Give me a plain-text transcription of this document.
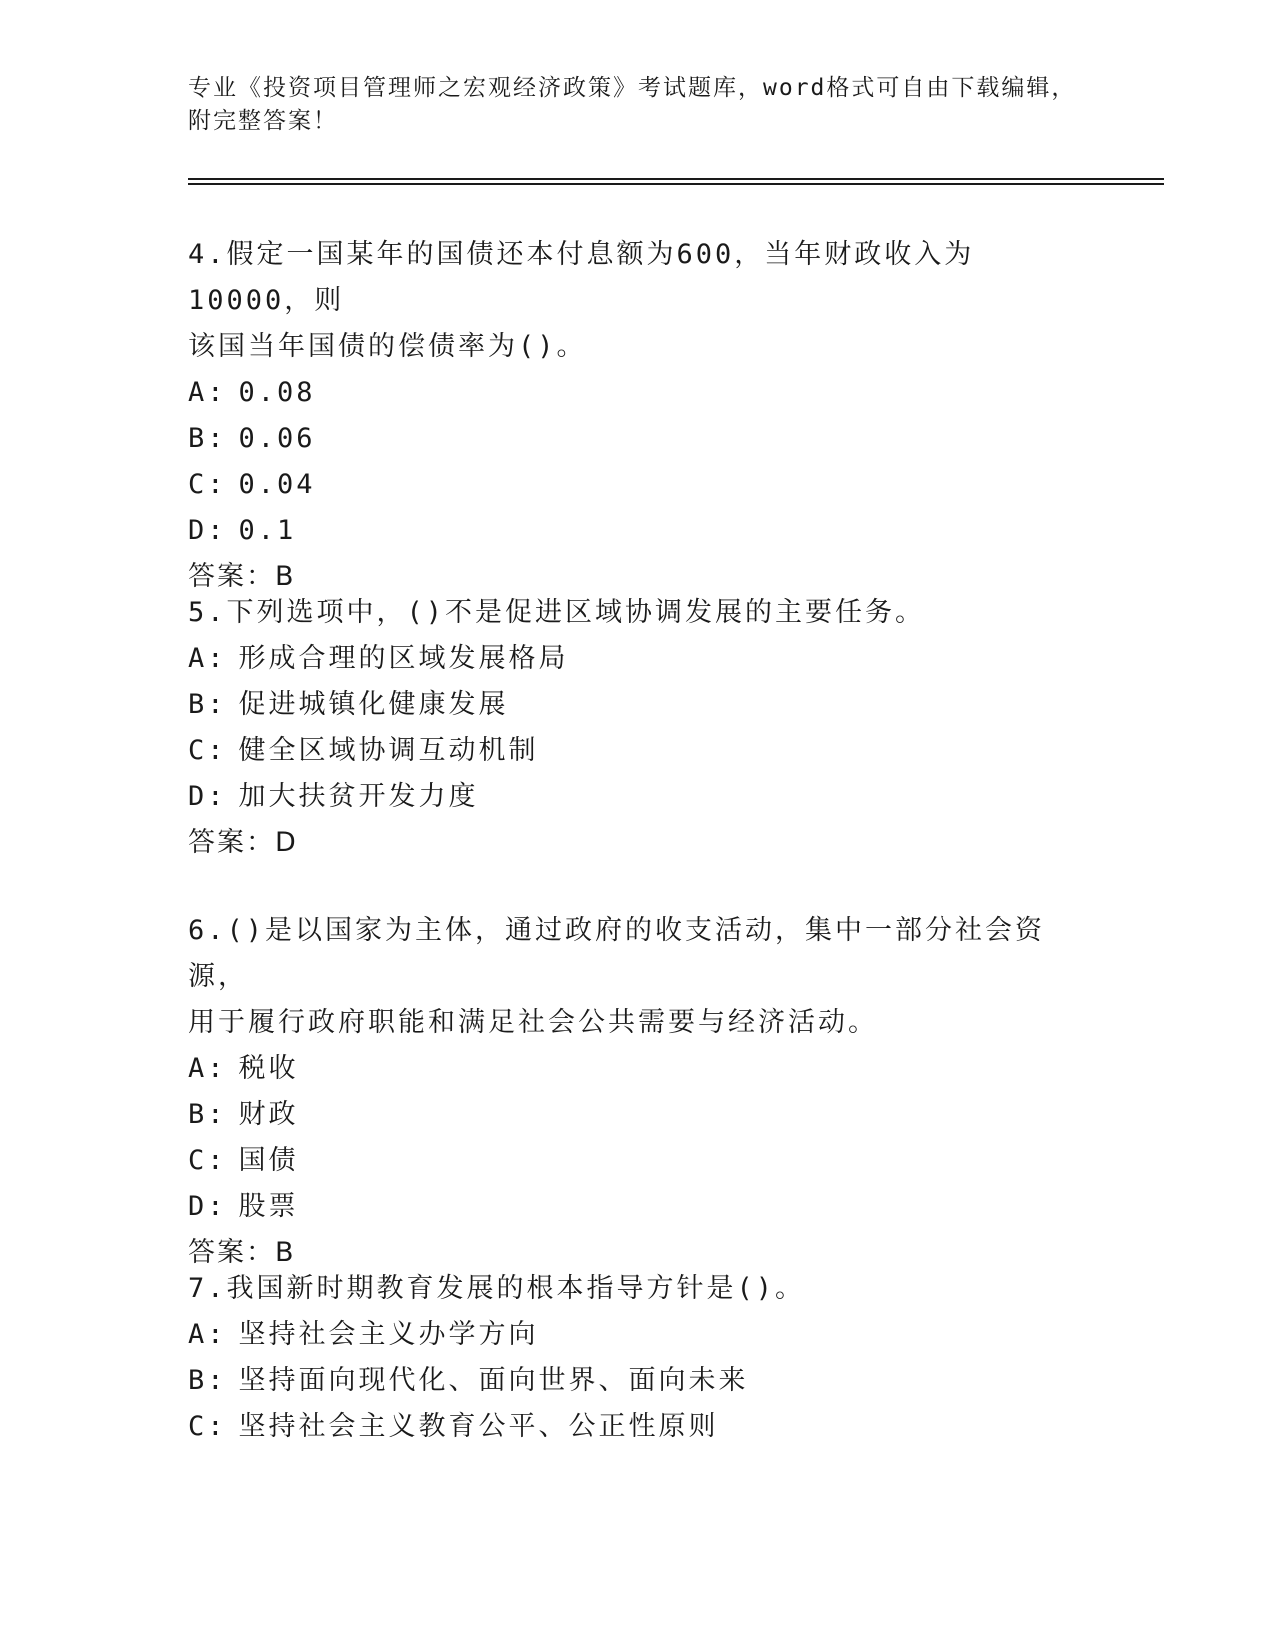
专业《投资项目管理师之宏观经济政策》考试题库，word格式可自由下载编辑，
附完整答案！

4.假定一国某年的国债还本付息额为600，当年财政收入为10000，则

该国当年国债的偿债率为()。

A: 0.08

B: 0.06

C: 0.04

D: 0.1

答案：B

5.下列选项中，()不是促进区域协调发展的主要任务。

A: 形成合理的区域发展格局

B: 促进城镇化健康发展

C: 健全区域协调互动机制

D: 加大扶贫开发力度

答案：D

6.()是以国家为主体，通过政府的收支活动，集中一部分社会资源，

用于履行政府职能和满足社会公共需要与经济活动。

A: 税收

B: 财政

C: 国债

D: 股票

答案：B

7.我国新时期教育发展的根本指导方针是()。

A: 坚持社会主义办学方向

B: 坚持面向现代化、面向世界、面向未来

C: 坚持社会主义教育公平、公正性原则
